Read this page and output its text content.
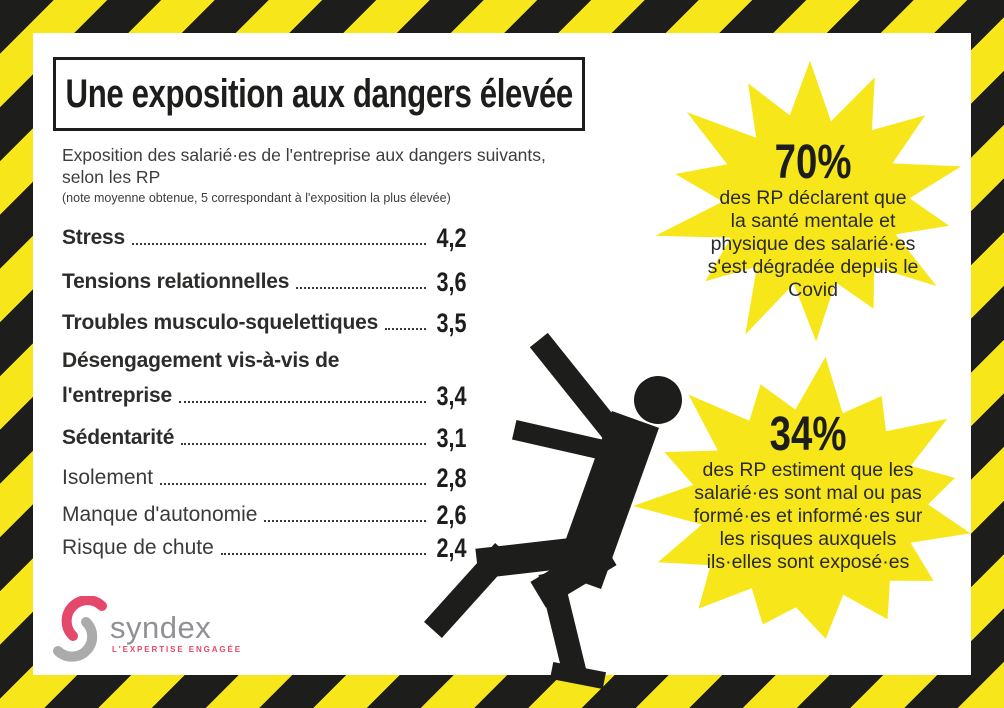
Une exposition aux dangers élevée
Exposition des salarié·es de l'entreprise aux dangers suivants,
selon les RP
(note moyenne obtenue, 5 correspondant à l'exposition la plus élevée)
Stress	4,2
Tensions relationnelles	3,6
Troubles musculo-squelettiques 3,5
Désengagement vis-à-vis de
l'entreprise	3,4
Sédentarité	3,1
Isolement	2,8
Manque d'autonomie	2,6
Risque de chute	2,4
70%
des RP déclarent que
la santé mentale et
physique des salarié·es
s'est dégradée depuis le
Covid
34%
des RP estiment que les
salarié·es sont mal ou pas
formé·es et informé·es sur
les risques auxquels
ils·elles sont exposé·es
syndex
L'EXPERTISE ENGAGÉE
